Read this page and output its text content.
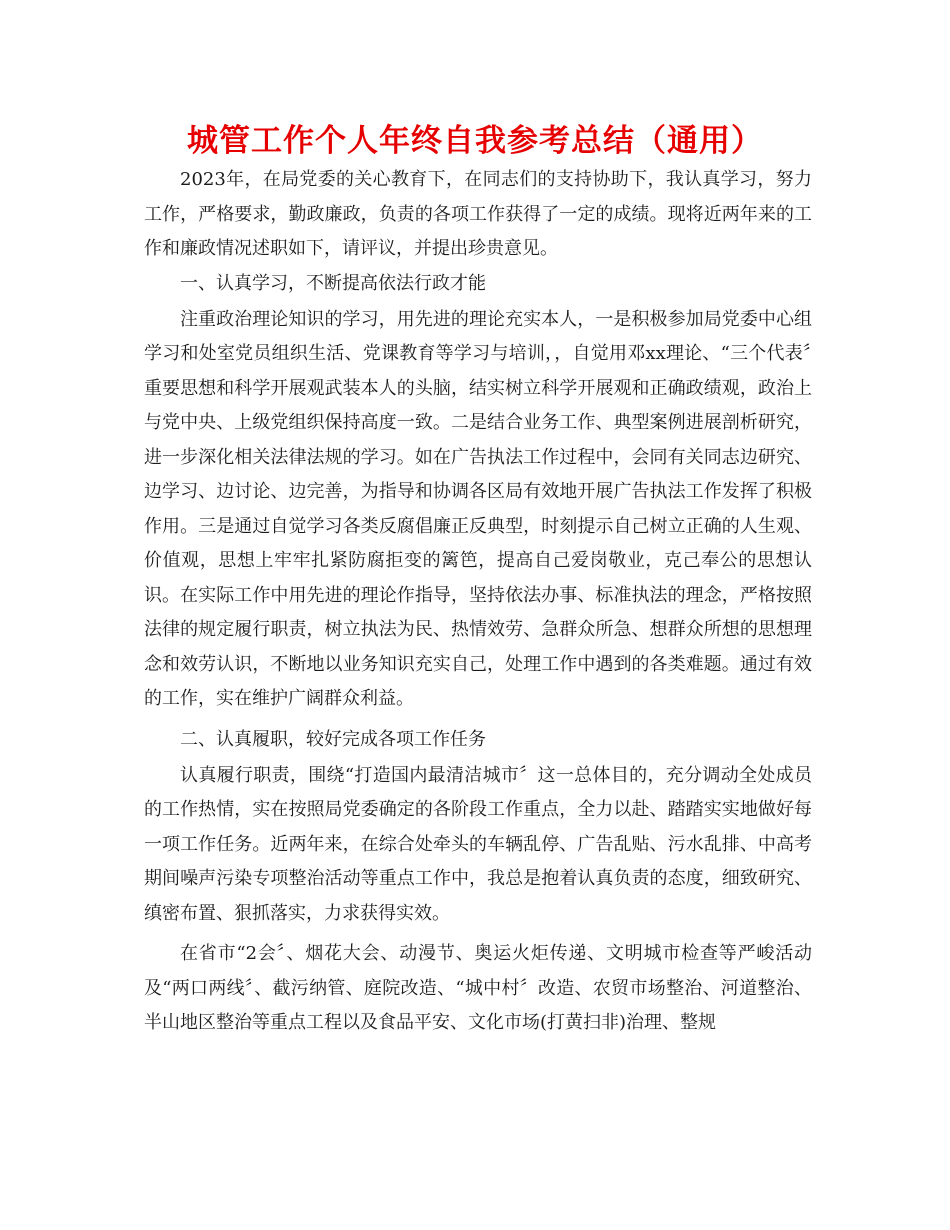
城管工作个人年终自我参考总结（通用）

2023年，在局党委的关心教育下，在同志们的支持协助下，我认真学习，努力工作，严格要求，勤政廉政，负责的各项工作获得了一定的成绩。现将近两年来的工作和廉政情况述职如下，请评议，并提出珍贵意见。

一、认真学习，不断提高依法行政才能

注重政治理论知识的学习，用先进的理论充实本人，一是积极参加局党委中心组学习和处室党员组织生活、党课教育等学习与培训，，自觉用邓xx理论、“三个代表〞重要思想和科学开展观武装本人的头脑，结实树立科学开展观和正确政绩观，政治上与党中央、上级党组织保持高度一致。二是结合业务工作、典型案例进展剖析研究，进一步深化相关法律法规的学习。如在广告执法工作过程中，会同有关同志边研究、边学习、边讨论、边完善，为指导和协调各区局有效地开展广告执法工作发挥了积极作用。三是通过自觉学习各类反腐倡廉正反典型，时刻提示自己树立正确的人生观、价值观，思想上牢牢扎紧防腐拒变的篱笆，提高自己爱岗敬业，克己奉公的思想认识。在实际工作中用先进的理论作指导，坚持依法办事、标准执法的理念，严格按照法律的规定履行职责，树立执法为民、热情效劳、急群众所急、想群众所想的思想理念和效劳认识，不断地以业务知识充实自己，处理工作中遇到的各类难题。通过有效的工作，实在维护广阔群众利益。

二、认真履职，较好完成各项工作任务

认真履行职责，围绕“打造国内最清洁城市〞这一总体目的，充分调动全处成员的工作热情，实在按照局党委确定的各阶段工作重点，全力以赴、踏踏实实地做好每一项工作任务。近两年来，在综合处牵头的车辆乱停、广告乱贴、污水乱排、中高考期间噪声污染专项整治活动等重点工作中，我总是抱着认真负责的态度，细致研究、缜密布置、狠抓落实，力求获得实效。

在省市“2会〞、烟花大会、动漫节、奥运火炬传递、文明城市检查等严峻活动及“两口两线〞、截污纳管、庭院改造、“城中村〞改造、农贸市场整治、河道整治、半山地区整治等重点工程以及食品平安、文化市场(打黄扫非)治理、整规
